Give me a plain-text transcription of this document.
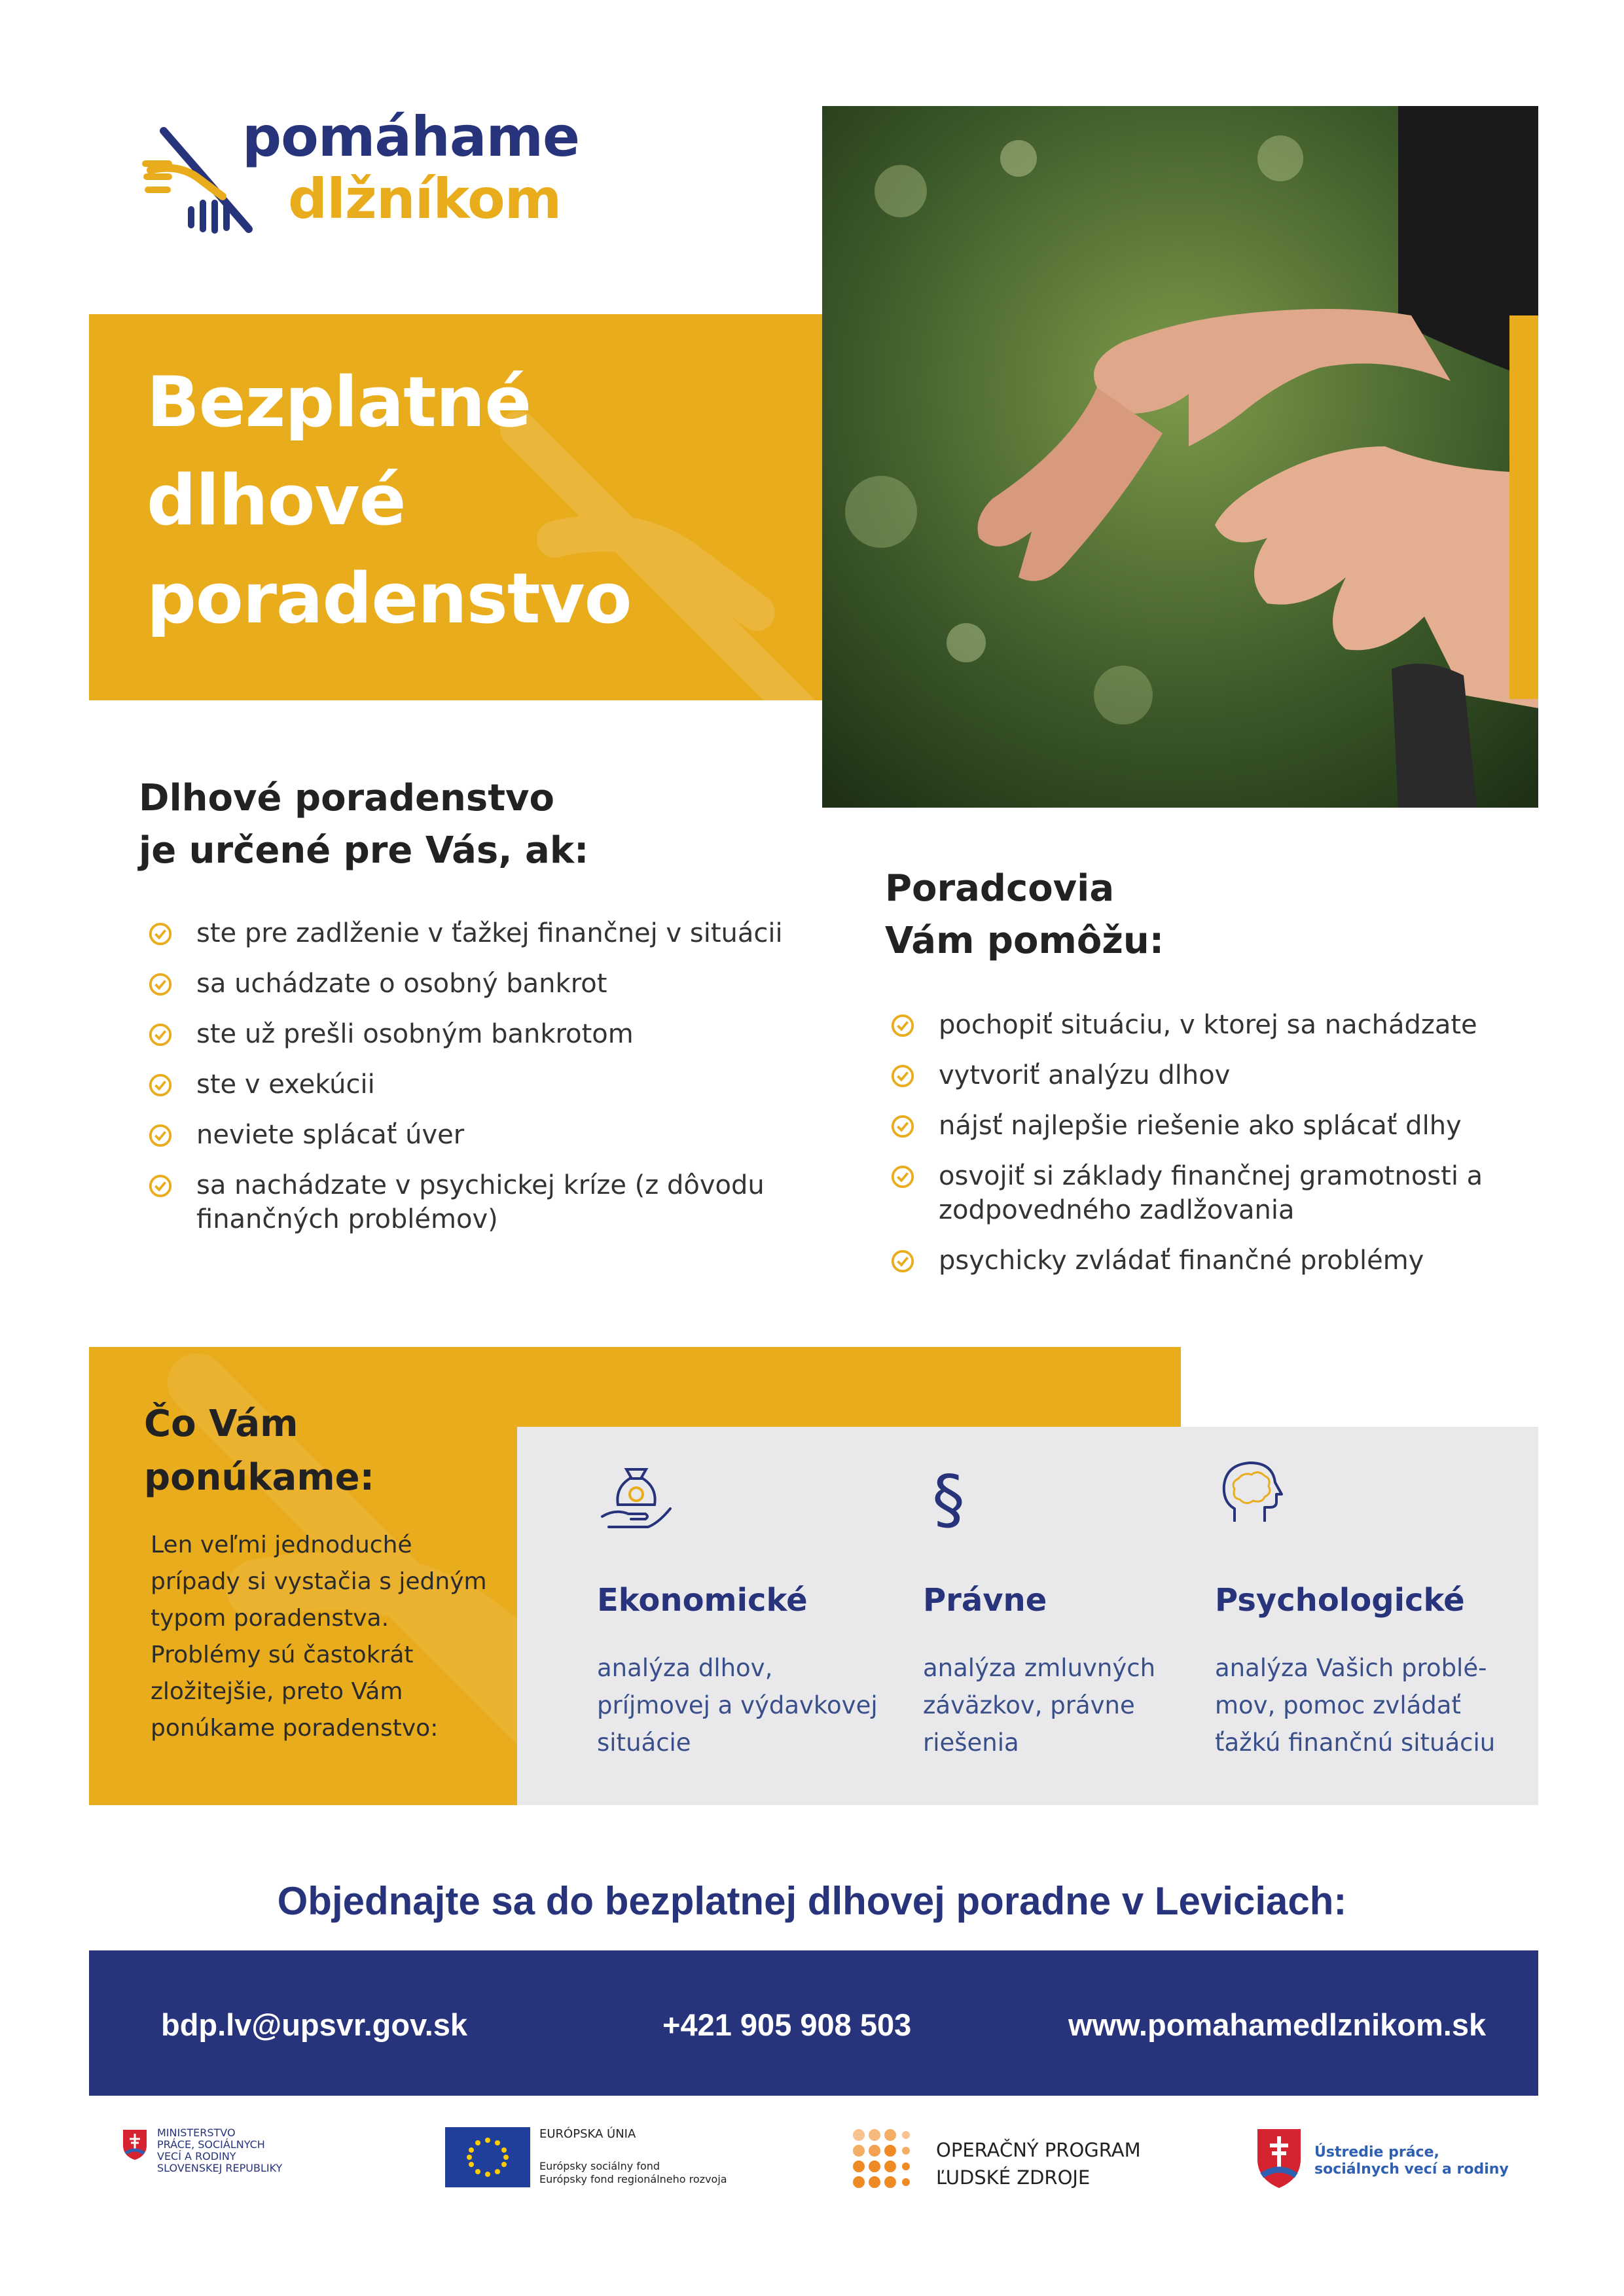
pomáhame
dlžníkom
Bezplatné
dlhové
poradenstvo
Dlhové poradenstvo
je určené pre Vás, ak:
ste pre zadlženie v ťažkej finančnej v situácii
sa uchádzate o osobný bankrot
ste už prešli osobným bankrotom
ste v exekúcii
neviete splácať úver
sa nachádzate v psychickej kríze (z dôvodu finančných problémov)
Poradcovia
Vám pomôžu:
pochopiť situáciu, v ktorej sa nachádzate
vytvoriť analýzu dlhov
nájsť najlepšie riešenie ako splácať dlhy
osvojiť si základy finančnej gramotnosti a zodpovedného zadlžovania
psychicky zvládať finančné problémy
Čo Vám
ponúkame:
Len veľmi jednoduché prípady si vystačia s jedným typom poradenstva. Problémy sú častokrát zložitejšie, preto Vám ponúkame poradenstvo:
Ekonomické
analýza dlhov, príjmovej a výdavkovej situácie
§
Právne
analýza zmluvných záväzkov, právne riešenia
Psychologické
analýza Vašich problé-mov, pomoc zvládať ťažkú finančnú situáciu
Objednajte sa do bezplatnej dlhovej poradne v Leviciach:
bdp.lv@upsvr.gov.sk	+421 905 908 503	www.pomahamedlznikom.sk
MINISTERSTVO
PRÁCE, SOCIÁLNYCH
VECÍ A RODINY
SLOVENSKEJ REPUBLIKY
EURÓPSKA ÚNIA
Európsky sociálny fond
Európsky fond regionálneho rozvoja
OPERAČNÝ PROGRAM
ĽUDSKÉ ZDROJE
Ústredie práce,
sociálnych vecí a rodiny
